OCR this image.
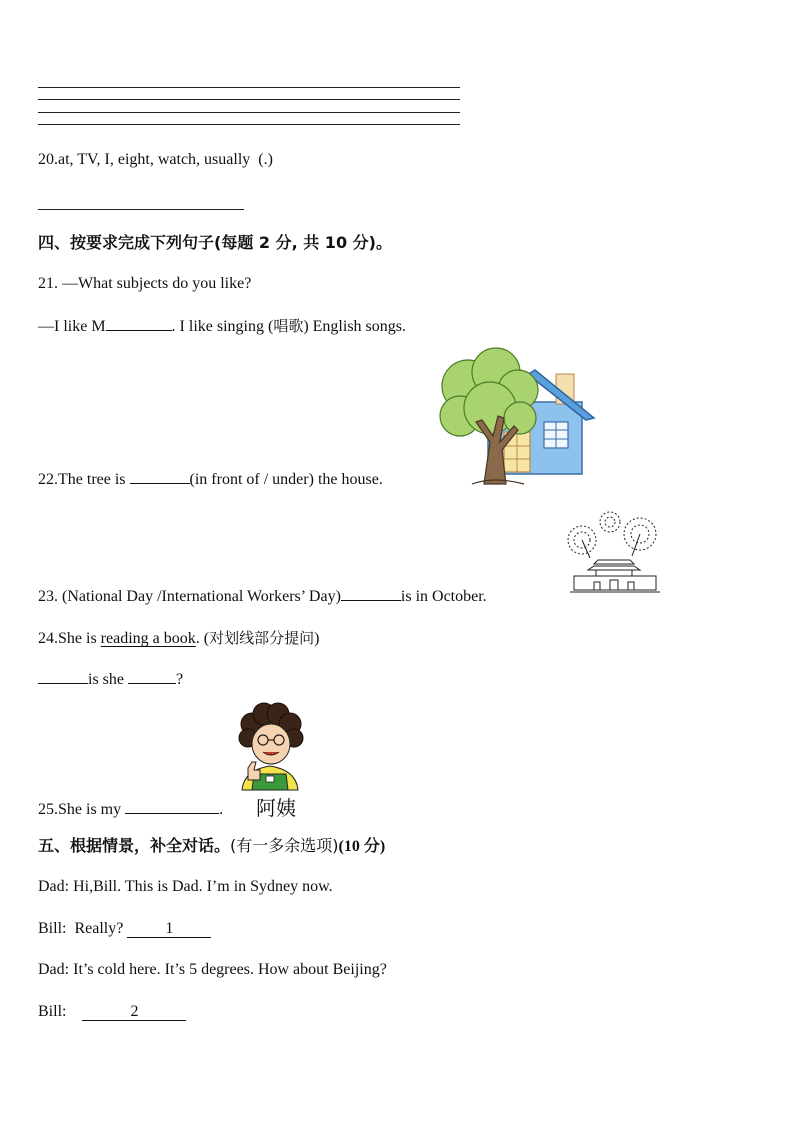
20.at, TV, I, eight, watch, usually (.)
四、按要求完成下列句子(每题 2 分, 共 10 分)。
21. —What subjects do you like?
—I like M	. I like singing (唱歌) English songs.
22.The tree is	(in front of / under) the house.
23. (National Day /International Workers’ Day)	is in October.
24.She is reading a book. (对划线部分提问)
is she	?
25.She is my	. 阿姨
五、根据情景，补全对话。(有一多余选项)(10 分)
Dad: Hi,Bill. This is Dad. I’m in Sydney now.
Bill: Really? 1
Dad: It’s cold here. It’s 5 degrees. How about Beijing?
Bill:	2
